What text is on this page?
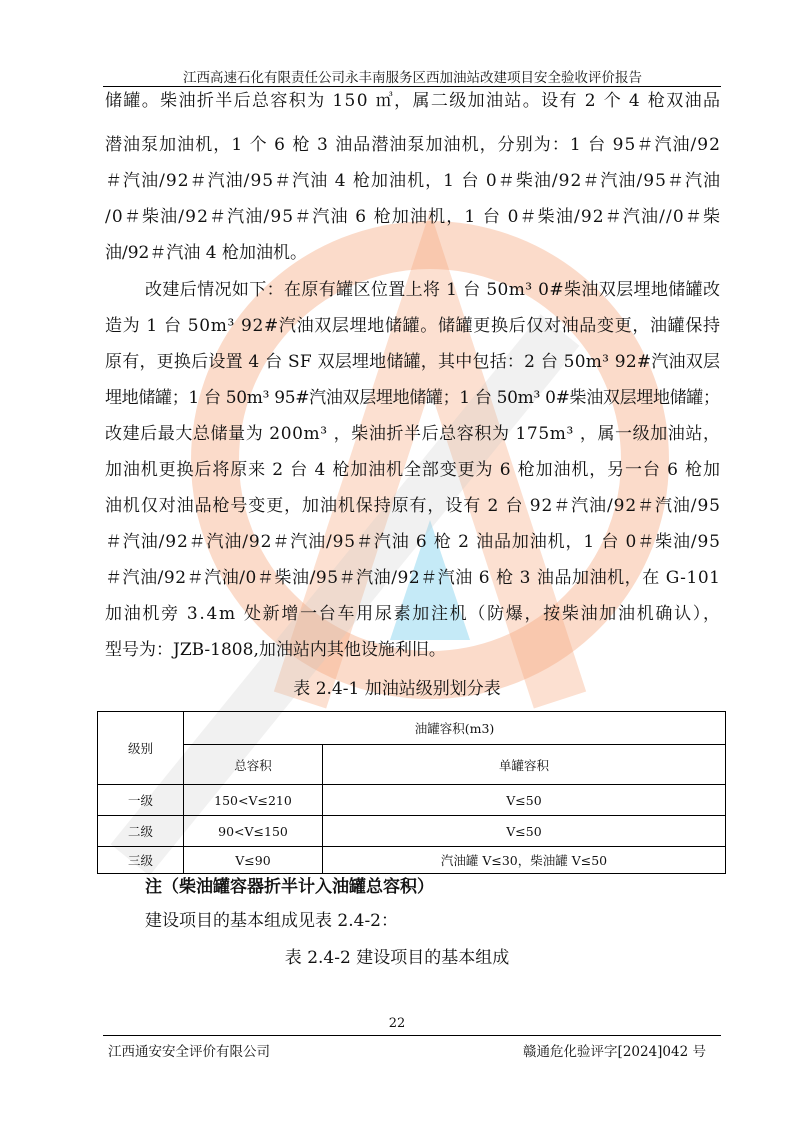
江西高速石化有限责任公司永丰南服务区西加油站改建项目安全验收评价报告
储罐。柴油折半后总容积为 150 ㎥，属二级加油站。设有 2 个 4 枪双油品
潜油泵加油机，1 个 6 枪 3 油品潜油泵加油机，分别为：1 台 95＃汽油/92
＃汽油/92＃汽油/95＃汽油 4 枪加油机，1 台 0＃柴油/92＃汽油/95＃汽油
/0＃柴油/92＃汽油/95＃汽油 6 枪加油机，1 台 0＃柴油/92＃汽油//0＃柴
油/92＃汽油 4 枪加油机。
改建后情况如下：在原有罐区位置上将 1 台 50m³ 0#柴油双层埋地储罐改
造为 1 台 50m³ 92#汽油双层埋地储罐。储罐更换后仅对油品变更，油罐保持
原有，更换后设置 4 台 SF 双层埋地储罐，其中包括：2 台 50m³ 92#汽油双层
埋地储罐；1 台 50m³ 95#汽油双层埋地储罐；1 台 50m³ 0#柴油双层埋地储罐；
改建后最大总储量为 200m³ ，柴油折半后总容积为 175m³ ，属一级加油站，
加油机更换后将原来 2 台 4 枪加油机全部变更为 6 枪加油机，另一台 6 枪加
油机仅对油品枪号变更，加油机保持原有，设有 2 台 92＃汽油/92＃汽油/95
＃汽油/92＃汽油/92＃汽油/95＃汽油 6 枪 2 油品加油机，1 台 0＃柴油/95
＃汽油/92＃汽油/0＃柴油/95＃汽油/92＃汽油 6 枪 3 油品加油机，在 G-101
加油机旁 3.4m 处新增一台车用尿素加注机（防爆，按柴油加油机确认），
型号为：JZB-1808,加油站内其他设施利旧。
表 2.4-1 加油站级别划分表
级别	油罐容积(m3)	
	总容积	单罐容积
一级	150<V≤210	V≤50
二级	90<V≤150	V≤50
三级	V≤90	汽油罐 V≤30，柴油罐 V≤50
注（柴油罐容器折半计入油罐总容积）
建设项目的基本组成见表 2.4-2：
表 2.4-2 建设项目的基本组成
22
江西通安安全评价有限公司	赣通危化验评字[2024]042 号
